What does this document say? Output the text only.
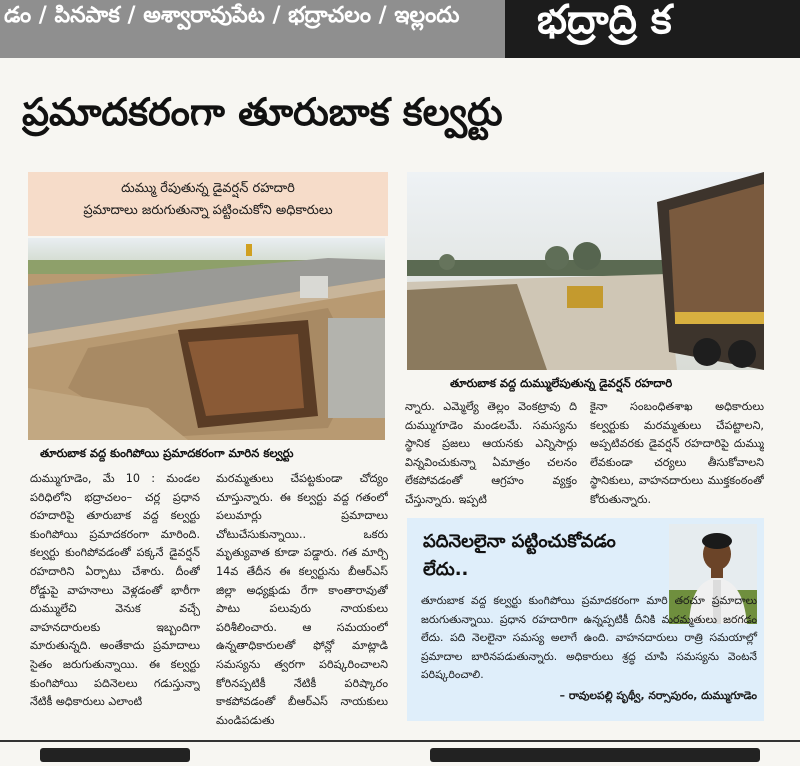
డం / పినపాక / అశ్వారావుపేట / భద్రాచలం / ఇల్లందు	భద్రాద్రి క
ప్రమాదకరంగా తూరుబాక కల్వర్టు
దుమ్ము రేపుతున్న డైవర్షన్ రహదారి
ప్రమాదాలు జరుగుతున్నా పట్టించుకోని అధికారులు
తూరుబాక వద్ద కుంగిపోయి ప్రమాదకరంగా మారిన కల్వర్టు
తూరుబాక వద్ద దుమ్ములేపుతున్న డైవర్షన్ రహదారి

దుమ్ముగూడెం, మే 10 : మండల పరిధిలోని భద్రాచలం– చర్ల ప్రధాన రహదారిపై తూరుబాక వద్ద కల్వర్టు కుంగిపోయి ప్రమాదకరంగా మారింది. కల్వర్టు కుంగిపోవడంతో పక్కనే డైవర్షన్ రహదారిని ఏర్పాటు చేశారు. దీంతో రోడ్డుపై వాహనాలు వెళ్లడంతో భారీగా దుమ్ములేచి వెనుక వచ్చే వాహనదారులకు ఇబ్బందిగా మారుతున్నది. అంతేకాదు ప్రమాదాలు సైతం జరుగుతున్నాయి. ఈ కల్వర్టు కుంగిపోయి పదినెలలు గడుస్తున్నా నేటికీ అధికారులు ఎలాంటి

మరమ్మతులు చేపట్టకుండా చోద్యం చూస్తున్నారు. ఈ కల్వర్టు వద్ద గతంలో పలుమార్లు ప్రమాదాలు చోటుచేసుకున్నాయి.. ఒకరు మృత్యువాత కూడా పడ్డారు. గత మార్చి 14వ తేదీన ఈ కల్వర్టును బీఆర్ఎస్ జిల్లా అధ్యక్షుడు రేగా కాంతారావుతో పాటు పలువురు నాయకులు పరిశీలించారు. ఆ సమయంలో ఉన్నతాధికారులతో ఫోన్లో మాట్లాడి సమస్యను త్వరగా పరిష్కరించాలని కోరినప్పటికీ నేటికీ పరిష్కారం కాకపోవడంతో బీఆర్ఎస్ నాయకులు మండిపడుతు

న్నారు. ఎమ్మెల్యే తెల్లం వెంకట్రావు ది దుమ్ముగూడెం మండలమే. సమస్యను స్థానిక ప్రజలు ఆయనకు ఎన్నిసార్లు విన్నవించుకున్నా ఏమాత్రం చలనం లేకపోవడంతో ఆగ్రహం వ్యక్తం చేస్తున్నారు. ఇప్పటి

కైనా సంబంధితశాఖ అధికారులు కల్వర్టుకు మరమ్మతులు చేపట్టాలని, అప్పటివరకు డైవర్షన్ రహదారిపై దుమ్ము లేవకుండా చర్యలు తీసుకోవాలని స్థానికులు, వాహనదారులు ముక్తకంఠంతో కోరుతున్నారు.

పదినెలలైనా పట్టించుకోవడం లేదు..

తూరుబాక వద్ద కల్వర్టు కుంగిపోయి ప్రమాదకరంగా మారి తరచూ ప్రమాదాలు జరుగుతున్నాయి. ప్రధాన రహదారిగా ఉన్నప్పటికీ దీనికి మరమ్మతులు జరగడం లేదు. పది నెలలైనా సమస్య అలాగే ఉంది. వాహనదారులు రాత్రి సమయాల్లో ప్రమాదాల బారినపడుతున్నారు. అధికారులు శ్రద్ధ చూపి సమస్యను వెంటనే పరిష్కరించాలి.

– రావులపల్లి పృథ్వీ, నర్సాపురం, దుమ్ముగూడెం
